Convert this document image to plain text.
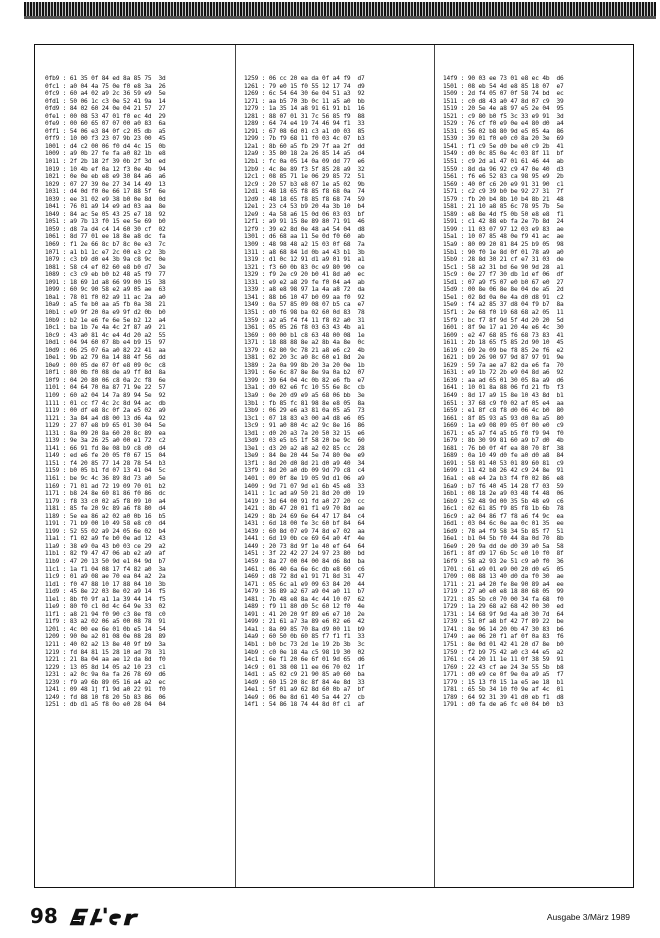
0fb9 : 61 35 0f 84 ed 8a 85 75  3d
0fc1 : a0 04 4a 75 0e f0 e8 3a  26
0fc9 : 60 a4 02 a9 2c 36 59 e9  5e
0fd1 : 50 06 1c c3 0e 52 41 9a  14
0fd9 : 84 02 60 24 0e 04 21 57  27
0fe1 : 00 08 53 47 01 f0 ec 4d  29
0fe9 : 00 60 65 07 07 00 a0 83  6a
0ff1 : 54 06 e3 84 0f c2 05 db  a5
0ff9 : 10 00 f3 23 07 9b 23 00  45
1001 : d4 c2 00 06 f0 d4 4c 15  0b
1009 : a9 0b 27 fe fa a0 82 1b  e8
1011 : 2f 2b 18 2f 39 0b 2f 3d  ed
1019 : 10 4b ef 0a 12 f3 0e 4b  94
1021 : 0e 0e eb e8 e9 30 84 a6  a6
1029 : 07 27 39 0e 27 34 14 49  13
1031 : d4 0d f0 0e 66 17 88 5f  6e
1039 : ee 31 02 e9 38 b0 0e 8d  0d
1041 : 76 01 a9 14 e9 ad 03 aa  8e
1049 : 84 ac 5e 05 43 25 e7 18  92
1051 : a9 7b 13 f0 15 ee 5e 69  b0
1059 : d8 7a d4 c4 14 60 30 cf  02
1061 : 8d 77 01 ee 18 8e a8 dc  fa
1069 : f1 2e 66 8c b7 8c 0e e3  7c
1071 : a1 b1 1c e7 2c 00 e3 c2  3b
1079 : c3 b9 d0 e4 3b 9a c8 9c  0e
1081 : 58 c4 ef 02 60 e8 b0 d7  3e
1089 : c3 c9 eb b0 b2 48 a5 f9  77
1091 : 18 69 1d a8 66 99 00 15  38
1099 : 60 9c 90 58 e2 a9 05 ae  63
10a1 : 78 01 f0 02 a9 11 ac 2a  a0
10a9 : a5 fe b0 aa a5 fb 0a 38  21
10b1 : e9 9f 20 0a e9 9f d2 0b  b0
10b9 : b2 1e e6 fe 6e 5e b2 12  a4
10c1 : ba 1b 7e 4a 4c 2f 87 a9  21
10c9 : 43 a0 81 4c e4 4d 20 a2  55
10d1 : 04 94 60 07 8b e4 b9 15  97
10d9 : 06 25 07 6a a0 82 22 41  aa
10e1 : 9b a2 79 0a 14 88 4f 56  dd
10e9 : 00 05 de 07 0f e8 09 0c  c8
10f1 : 80 0b f0 08 de a9 ff 8d  8a
10f9 : 04 20 80 06 c8 0a 2c f8  6e
1101 : 04 64 70 0a 87 71 9e 22  57
1109 : 60 a2 04 14 7a 89 94 5e  92
1111 : 01 cc f7 4c 2c 8d 94 ac  db
1119 : 00 df e8 8c 0f 2a e5 02  a9
1121 : 3a 84 a4 d8 00 13 d6 4a  92
1129 : 27 07 e8 b9 65 01 30 04  5e
1131 : 8a 09 20 8a 60 20 8c 89  ea
1139 : 9e 3a 26 25 a0 00 e1 72  c2
1141 : 66 91 fd 8e 08 b9 c8 d0  d4
1149 : ed e6 fe 20 05 f0 67 15  04
1151 : f4 20 85 77 14 28 78 54  b3
1159 : b0 05 b1 fd 07 13 41 04  5c
1161 : be 9c 4c 36 89 8d 73 a0  5e
1169 : 71 01 ad 72 19 09 70 01  b2
1171 : b8 24 8e 60 81 86 f0 86  dc
1179 : f8 33 c0 02 a5 f8 09 10  a4
1181 : 85 fe 20 9c 89 a6 f8 80  d4
1189 : 5e ea 86 a2 02 a0 0b 16  b5
1191 : 71 b9 00 10 49 58 e8 c0  d4
1199 : 52 55 02 a9 24 05 6e 02  b4
11a1 : f1 02 a9 fe b0 0e ad 12  43
11a9 : 38 e9 0a 43 b0 03 ce 29  a2
11b1 : 82 f9 47 47 06 ab e2 a9  af
11b9 : 47 20 13 50 9d e1 04 9d  b7
11c1 : 1a f1 04 08 17 f4 82 a0  3a
11c9 : 01 a9 08 ae 70 ea 04 a2  2a
11d1 : f0 47 88 10 17 88 04 10  3b
11d9 : 45 8e 22 03 8e 02 a9 14  f5
11e1 : 8b f0 9f a1 1a 39 44 14  f5
11e9 : 80 f0 c1 0d 4c 64 9e 33  02
11f1 : a8 21 94 f0 90 c3 8e f8  c0
11f9 : 83 a2 02 06 a5 00 08 78  91
1201 : 4c 00 ee 6e 01 0b e5 14  54
1209 : 90 0e a2 01 08 0e 08 28  89
1211 : 40 02 a2 13 8e 40 9f b9  3a
1219 : fd 84 81 15 28 10 ad 78  31
1221 : 21 8a 04 aa ae 12 da 8d  f0
1229 : 13 05 8d 14 05 a2 10 23  c1
1231 : a2 0c 9a 0a fa 26 78 69  d6
1239 : f9 a9 6b 89 05 16 a4 a2  ec
1241 : 09 48 1j f1 9d a0 22 91  f0
1249 : fd 88 10 f8 20 5b 83 86  06
1251 : db d1 a5 f8 0o e0 28 04  04
1259 : 06 cc 20 ea da 0f a4 f9  d7
1261 : 79 e0 15 f0 55 12 17 74  d9
1269 : 6c 54 64 30 6e 04 51 a3  92
1271 : aa b5 70 3b 0c 11 a5 a0  bb
1279 : 1a 35 14 a8 91 61 91 b1  16
1281 : 88 07 01 31 7c 56 85 f9  88
1289 : 64 74 e4 19 74 46 94 f1  33
1291 : 67 08 6d 01 c3 a1 d0 03  85
1299 : 7b f9 68 11 f0 03 4c 07  b3
12a1 : 8b 60 a5 fb 29 7f aa 2f  dd
12a9 : 35 80 18 2a 26 85 14 a5  d4
12b1 : fc 0a 05 14 0a 09 dd 77  e6
12b9 : 4c 8e 89 f3 5f 85 28 a9  32
12c1 : 08 85 71 1e 06 29 85 72  51
12c9 : 20 57 b3 e8 07 1e a5 02  9b
12d1 : 48 18 65 f8 85 f8 68 0a  74
12d9 : 48 18 65 f8 85 f8 68 74  59
12e1 : 23 c4 53 b9 20 4a 3b 10  b4
12e9 : 4a 58 a6 15 0d 06 03 03  bf
12f1 : a9 91 15 8e 89 80 71 91  46
12f9 : 39 e2 8d 0e 48 a4 54 04  d8
1301 : d6 68 aa 11 5e 0d f0 60  ab
1309 : 48 98 48 a2 15 03 0f 68  7a
1311 : a8 68 84 1d 0b a4 43 b1  3b
1319 : d1 0c 12 91 d1 a9 01 91  a1
1321 : f3 60 0b 83 0c e9 80 90  ce
1329 : f9 2e c9 20 b0 41 8d a0  ec
1331 : e9 e2 a8 29 fe f0 04 a4  ab
1339 : a8 e8 98 97 1a 4a a8 72  da
1341 : 88 b6 10 47 b0 09 aa f0  92
1349 : 0a 57 85 09 08 07 b5 ca  e7
1351 : d0 f6 98 ba 02 60 0d 83  78
1359 : a2 a5 f4 f4 11 f8 02 a0  31
1361 : 05 05 26 f8 03 63 43 4b  a1
1369 : 00 00 b1 c8 63 48 00 08  1e
1371 : 18 88 88 8e a2 8b 4a 8e  0c
1379 : 62 80 9c 78 21 a8 e6 c2  4b
1381 : 02 20 3c a0 8c 60 e1 8d  2e
1389 : 2a 0a 99 8b 20 3a 20 0e  1b
1391 : 6e 6c 87 8e 8e 9a 0a b2  07
1399 : 39 64 04 4c 0b 82 e6 fb  e7
13a1 : d0 02 e6 fc 10 55 6e 8c  cb
13a9 : 0e 20 d9 e9 a5 68 06 bb  3e
13b1 : fb 85 fc 81 98 8e e8 05  8a
13b9 : 06 29 e6 a3 81 0a 05 a5  73
13c1 : 07 18 83 e3 00 a4 d8 e6  05
13c9 : 91 a0 80 4c a2 9c 8e 16  86
13d1 : d0 20 a3 7a 20 50 32 15  e6
13d9 : 03 e5 b5 1f 58 20 be 9c  60
13e1 : d3 20 a2 a8 a2 02 85 cc  28
13e9 : 84 8e 20 44 5e 74 80 0e  e9
13f1 : 8d 20 d0 8d 21 d0 a9 40  34
13f9 : 8d 20 a0 db 09 9d 79 c8  c4
1401 : 09 0f 8e 19 05 9d d1 06  a9
1409 : 9d 71 07 9d e1 6b 45 e8  33
1411 : 1c ad a9 50 21 8d 20 d0  19
1419 : 3d 64 00 91 fd a0 27 20  cc
1421 : 8b 47 20 01 f1 e9 70 8d  ae
1429 : 8b 24 69 6e 64 47 17 84  c4
1431 : 6d 18 00 fe 3c 60 bf 84  64
1439 : 60 8d 07 e9 74 8d e7 02  aa
1441 : 6d 19 0b ce 69 64 a0 4f  4e
1449 : 20 73 8d 9f 1e 40 ef 64  64
1451 : 3f 22 42 27 24 97 23 80  bd
1459 : 8a 27 00 04 00 84 d6 8d  ba
1461 : 06 40 6a 6e 6c db e8 60  c6
1469 : d8 72 8d e1 91 71 8d 31  47
1471 : 05 6c a1 e9 09 63 84 20  44
1479 : 36 89 a2 67 a9 04 a0 11  b7
1481 : 7b 48 e8 8a 4c 44 10 07  62
1489 : f9 11 80 d0 5c 60 12 f0  4e
1491 : 41 20 20 9f 89 e6 e7 10  2e
1499 : 21 61 a7 3a 89 e6 02 e6  42
14a1 : 8a 09 85 70 8a d9 00 11  b9
14a9 : 60 50 0b 60 85 f7 f1 f1  33
14b1 : b0 bc 73 2d 1e 19 2b 3b  3c
14b9 : c0 0e 18 4a c5 98 19 30  02
14c1 : 6e f1 20 6e 6f 01 9d 65  d6
14c9 : 01 38 08 11 ee 06 70 02  1f
14d1 : a5 02 c9 21 90 85 a0 60  ba
14d9 : 60 15 20 8c 8f 84 4e 8d  33
14e1 : 5f 01 a9 62 8d 60 0b a7  bf
14e9 : 06 0e 8d 61 40 5a 44 27  cb
14f1 : 54 86 18 74 44 8d 0f c1  af
14f9 : 90 03 ee 73 01 e8 ec 4b  d6
1501 : 08 eb 54 4d e8 85 18 07  e7
1509 : 2d f4 05 07 0f 58 74 bd  ec
1511 : c0 d8 43 a0 47 8d 07 c9  39
1519 : 20 5e 4e a8 97 e5 2e 04  95
1521 : c9 80 b0 f5 3c 33 e9 91  3d
1529 : 76 cf f0 e9 0e e4 80 d0  a4
1531 : 56 02 b8 80 9d e5 05 4a  86
1539 : 39 01 f0 e0 c0 8a 20 3e  69
1541 : f1 c9 5e d0 be e0 c9 2b  41
1549 : d0 0c 85 0e 4c 03 8f 11  bf
1551 : c9 2d a1 47 01 61 46 44  ab
1559 : 8d da 96 92 c9 47 0e 40  d3
1561 : f6 e6 52 83 ca 98 95 e9  2b
1569 : 40 0f c6 20 e9 91 31 90  c1
1571 : c2 c9 39 b0 be 92 27 31  7f
1579 : fb 20 b4 8b 10 b4 8b 21  48
1581 : 21 10 a8 85 6c 78 95 7b  5e
1589 : e8 8e 4d f5 0b 50 e8 e8  f1
1591 : c1 42 88 eb fa 2e 7b 8d  24
1599 : 11 03 07 97 12 03 e9 83  ae
15a1 : 10 07 85 48 0e f9 41 ac  ae
15a9 : 80 09 20 81 84 25 b9 05  98
15b1 : 90 f0 1e 8d 0f 01 78 a9  a0
15b9 : 28 8d 30 21 cf e7 31 03  de
15c1 : 58 a2 31 bd 6e 90 9d 28  a1
15c9 : 0e 27 f7 30 db 1d ef 06  df
15d1 : 07 a9 f5 07 e0 b0 67 e0  27
15d9 : 00 8e 06 8e 8e 04 de a5  2d
15e1 : 02 8d 0a 0e 4a d0 d8 91  c2
15e9 : f4 a2 85 37 d8 04 f9 b7  8a
15f1 : 2e 68 f0 19 68 68 a2 05  11
15f9 : bc f7 8f 9d 5f 4d 20 20  5d
1601 : 8f 9e 17 a1 20 4e e6 4c  30
1609 : e2 47 68 85 f6 68 73 83  41
1611 : 2b 18 65 f5 85 2d 90 10  45
1619 : 69 2e 09 be f8 85 2e f6  e2
1621 : b9 26 90 97 9d 87 97 91  9e
1629 : 59 7a ae a7 82 da e6 fa  70
1631 : e9 1b 72 2b e9 04 8d a6  92
1639 : aa ad 65 01 30 05 8a a9  d6
1641 : 10 01 8a 88 06 fd 21 fb  f3
1649 : 8d 17 a9 15 8e 10 43 8d  b1
1651 : 37 68 c9 f0 02 af 05 e4  aa
1659 : e1 8f c8 f8 d0 06 4c b0  80
1661 : 8f 85 93 a5 93 d0 0a a5  80
1669 : 1a e9 08 09 05 0f 00 e0  c9
1671 : e5 a7 f4 a5 b5 f0 f9 94  f0
1679 : 8b 30 99 81 60 a9 b7 d0  4b
1681 : 76 b0 0f 4f ea 80 70 8f  38
1689 : 0a 10 49 d0 fe a0 d0 a8  84
1691 : 58 01 40 53 01 89 60 81  c9
1699 : 11 42 b8 26 42 c9 24 8e  91
16a1 : e8 e4 2a b3 f4 f0 02 86  e8
16a9 : b7 f6 40 45 14 28 f7 03  59
16b1 : 08 18 2e a9 03 48 f4 48  06
16b9 : 52 48 9d 00 35 5b 48 e9  c6
16c1 : 02 61 85 f9 85 f8 1b 6b  78
16c9 : a2 04 86 f7 f8 a6 f4 9c  ea
16d1 : 03 04 6c 0e aa 0c 01 35  ee
16d9 : 78 a4 f9 58 34 5b 85 f7  51
16e1 : b1 04 5b f0 44 8a 0d 70  8b
16e9 : 20 9a dd de d0 39 a0 5a  58
16f1 : 8f d9 17 6b 5c e0 10 f0  8f
16f9 : 58 a2 93 2e 51 c9 a0 f0  36
1701 : 61 e9 01 e9 00 20 d0 e5  05
1709 : 08 88 13 40 d0 da f0 30  ae
1711 : 21 a4 20 fe 8e 90 89 a4  ee
1719 : 27 a0 e0 e8 18 80 68 05  99
1721 : 85 5b c0 70 00 34 fa 68  f0
1729 : 1a 29 68 a2 68 42 00 30  ed
1731 : 14 68 9f 9d 4a a0 30 7d  64
1739 : 51 0f a8 bf 42 7f 89 22  be
1741 : 8e 96 14 20 0b 47 30 83  b6
1749 : ae 06 20 f1 af 0f 0a 83  f6
1751 : 8e 0d 01 42 41 20 d7 8e  b0
1759 : f2 b9 75 42 a0 c3 44 e5  a2
1761 : c4 20 11 1e 11 0f 38 59  91
1769 : 22 43 cf ae 24 3e 55 5b  b8
1771 : d0 e9 ce 0f 9e 0a a9 a5  f7
1779 : 15 13 f0 15 1a e5 ae 18  b1
1781 : 65 5b 34 10 f0 9e af 4c  01
1789 : 64 92 31 39 41 d0 eb f1  d8
1791 : d0 fa de a6 fc e0 04 b0  b3
98	Ausgabe 3/März 1989
